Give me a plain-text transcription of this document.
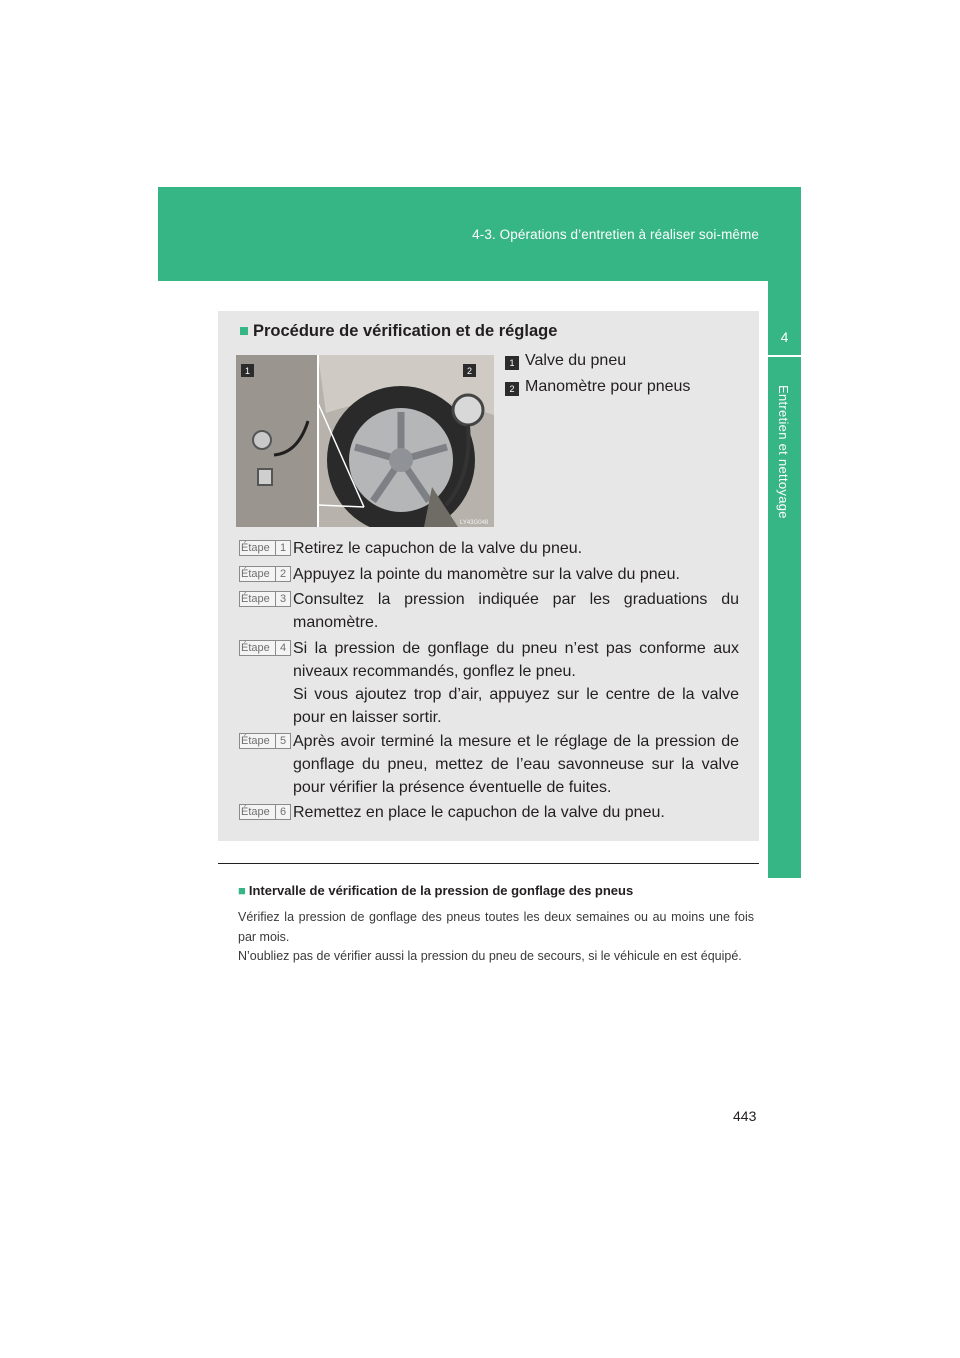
4-3. Opérations d’entretien à réaliser soi-même
4
Entretien et nettoyage
■ Procédure de vérification et de réglage
1	2
LY43G048
1 Valve du pneu
2 Manomètre pour pneus
Étape 1 Retirez le capuchon de la valve du pneu.

Étape 2 Appuyez la pointe du manomètre sur la valve du pneu.

Étape 3 Consultez la pression indiquée par les graduations du manomètre.

Étape 4 Si la pression de gonflage du pneu n’est pas conforme aux niveaux recommandés, gonflez le pneu.

Si vous ajoutez trop d’air, appuyez sur le centre de la valve pour en laisser sortir.

Étape 5 Après avoir terminé la mesure et le réglage de la pression de gonflage du pneu, mettez de l’eau savonneuse sur la valve pour vérifier la présence éventuelle de fuites.

Étape 6 Remettez en place le capuchon de la valve du pneu.

■ Intervalle de vérification de la pression de gonflage des pneus

Vérifiez la pression de gonflage des pneus toutes les deux semaines ou au moins une fois par mois.

N’oubliez pas de vérifier aussi la pression du pneu de secours, si le véhicule en est équipé.

443
